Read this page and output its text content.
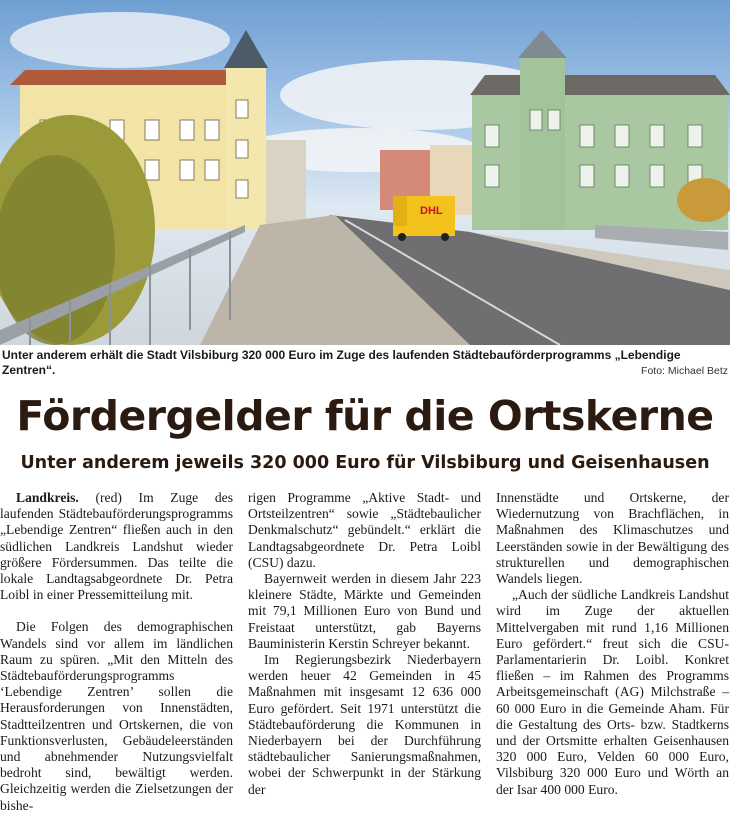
DHL
Unter anderem erhält die Stadt Vilsbiburg 320 000 Euro im Zuge des laufenden Städtebauförderprogramms „Lebendige Zentren“.	Foto: Michael Betz
Fördergelder für die Ortskerne
Unter anderem jeweils 320 000 Euro für Vilsbiburg und Geisenhausen

Landkreis. (red) Im Zuge des laufenden Städtebauförderungsprogramms „Lebendige Zentren“ fließen auch in den südlichen Landkreis Landshut wieder größere Fördersummen. Das teilte die lokale Landtagsabgeordnete Dr. Petra Loibl in einer Pressemitteilung mit.

Die Folgen des demographischen Wandels sind vor allem im ländlichen Raum zu spüren. „Mit den Mitteln des Städtebauförderungsprogramms ‘Lebendige Zentren’ sollen die Herausforderungen von Innenstädten, Stadtteilzentren und Ortskernen, die von Funktionsverlusten, Gebäudeleerständen und abnehmender Nutzungsvielfalt bedroht sind, bewältigt werden. Gleichzeitig werden die Zielsetzungen der bishe-

rigen Programme „Aktive Stadt- und Ortsteilzentren“ sowie „Städtebaulicher Denkmalschutz“ gebündelt.“ erklärt die Landtagsabgeordnete Dr. Petra Loibl (CSU) dazu.

Bayernweit werden in diesem Jahr 223 kleinere Städte, Märkte und Gemeinden mit 79,1 Millionen Euro von Bund und Freistaat unterstützt, gab Bayerns Bauministerin Kerstin Schreyer bekannt.

Im Regierungsbezirk Niederbayern werden heuer 42 Gemeinden in 45 Maßnahmen mit insgesamt 12 636 000 Euro gefördert. Seit 1971 unterstützt die Städtebauförderung die Kommunen in Niederbayern bei der Durchführung städtebaulicher Sanierungsmaßnahmen, wobei der Schwerpunkt in der Stärkung der

Innenstädte und Ortskerne, der Wiedernutzung von Brachflächen, in Maßnahmen des Klimaschutzes und Leerständen sowie in der Bewältigung des strukturellen und demographischen Wandels liegen.

„Auch der südliche Landkreis Landshut wird im Zuge der aktuellen Mittelvergaben mit rund 1,16 Millionen Euro gefördert.“ freut sich die CSU-Parlamentarierin Dr. Loibl. Konkret fließen – im Rahmen des Programms Arbeitsgemeinschaft (AG) Milchstraße – 60 000 Euro in die Gemeinde Aham. Für die Gestaltung des Orts- bzw. Stadtkerns und der Ortsmitte erhalten Geisenhausen 320 000 Euro, Velden 60 000 Euro, Vilsbiburg 320 000 Euro und Wörth an der Isar 400 000 Euro.
